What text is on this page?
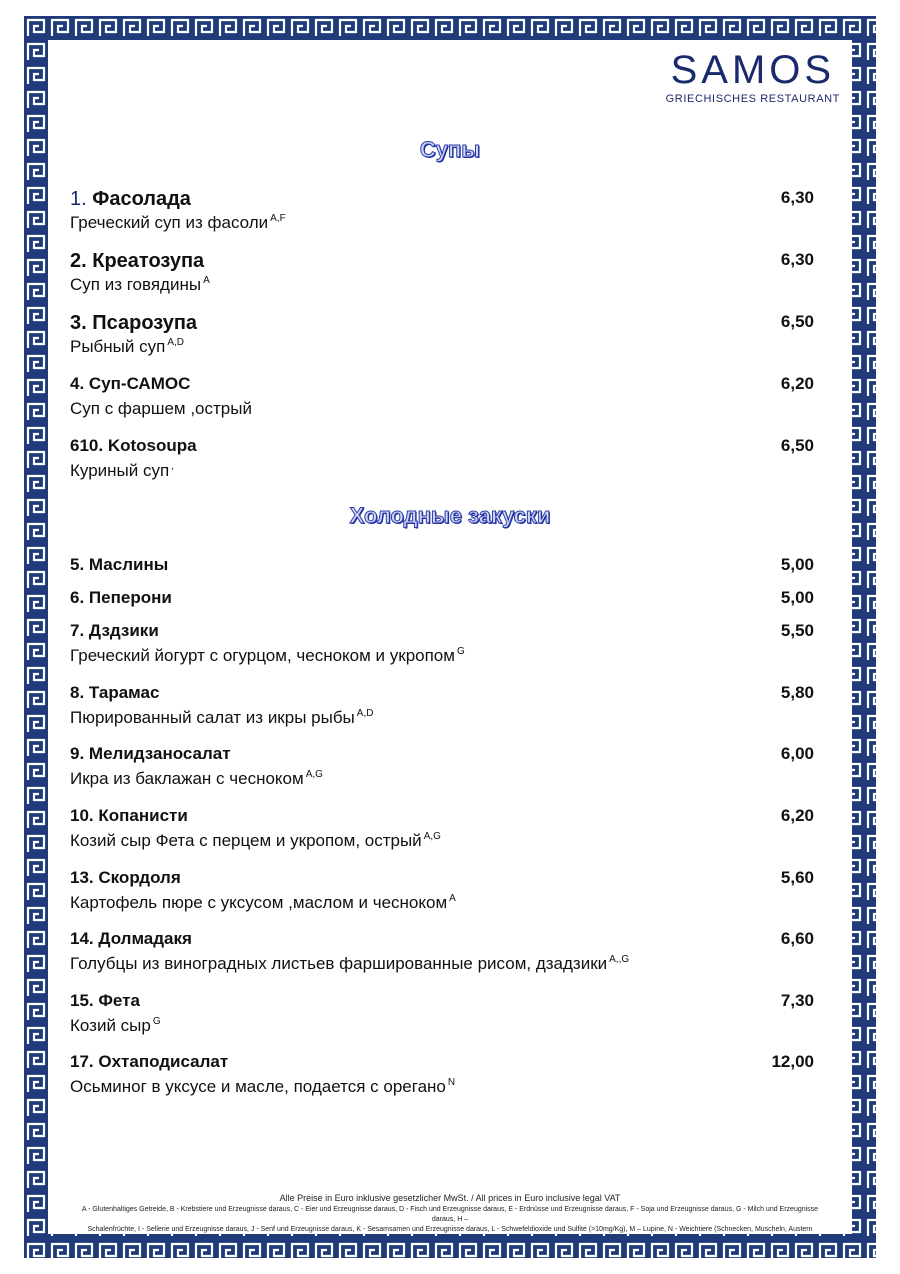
SAMOS
GRIECHISCHES RESTAURANT
Супы
1. Фасолада	6,30
Греческий суп из фасоли $^{A,F}$
2. Креатозупа	6,30
Суп из говядины $^A$
3. Псарозупа	6,50
Рыбный суп $^{A,D}$
4. Суп-САМОС	6,20
Суп с фаршем ,острый
610. Kotosoupa	6,50
Куриный суп ,
Холодные закуски
5. Маслины	5,00
6. Пеперони	5,00
7. Дздзики	5,50
Греческий йогурт с огурцом, чесноком и укропом $^G$
8. Тарамас	5,80
Пюрированный салат из икры рыбы $^{A,D}$
9. Мелидзаносалат	6,00
Икра из баклажан с чесноком $^{A,G}$
10. Копанисти	6,20
Козий сыр Фета с перцем и укропом, острый $^{A,G}$
13. Скордоля	5,60
Картофель пюре с уксусом ,маслом и чесноком $^A$
14. Долмадакя	6,60
Голубцы из виноградных листьев фаршированные рисом, дзадзики $^{A,,G}$
15. Фета	7,30
Козий сыр $^G$
17. Охтаподисалат	12,00
Осьминог в уксусе и масле, подается с орегано $^N$
Alle Preise in Euro inklusive gesetzlicher MwSt. / All prices in Euro inclusive legal VAT
A - Glutenhaltiges Getreide, B - Krebstiere und Erzeugnisse daraus, C - Eier und Erzeugnisse daraus, D - Fisch und Erzeugnisse daraus, E - Erdnüsse und Erzeugnisse daraus, F - Soja und Erzeugnisse daraus, G - Milch und Erzeugnisse daraus, H –
Schalenfrüchte, I - Sellerie und Erzeugnisse daraus, J - Senf und Erzeugnisse daraus, K - Sesamsamen und Erzeugnisse daraus, L - Schwefeldioxide und Sulfite (>10mg/Kg), M – Lupine, N - Weichtiere (Schnecken, Muscheln, Austern
